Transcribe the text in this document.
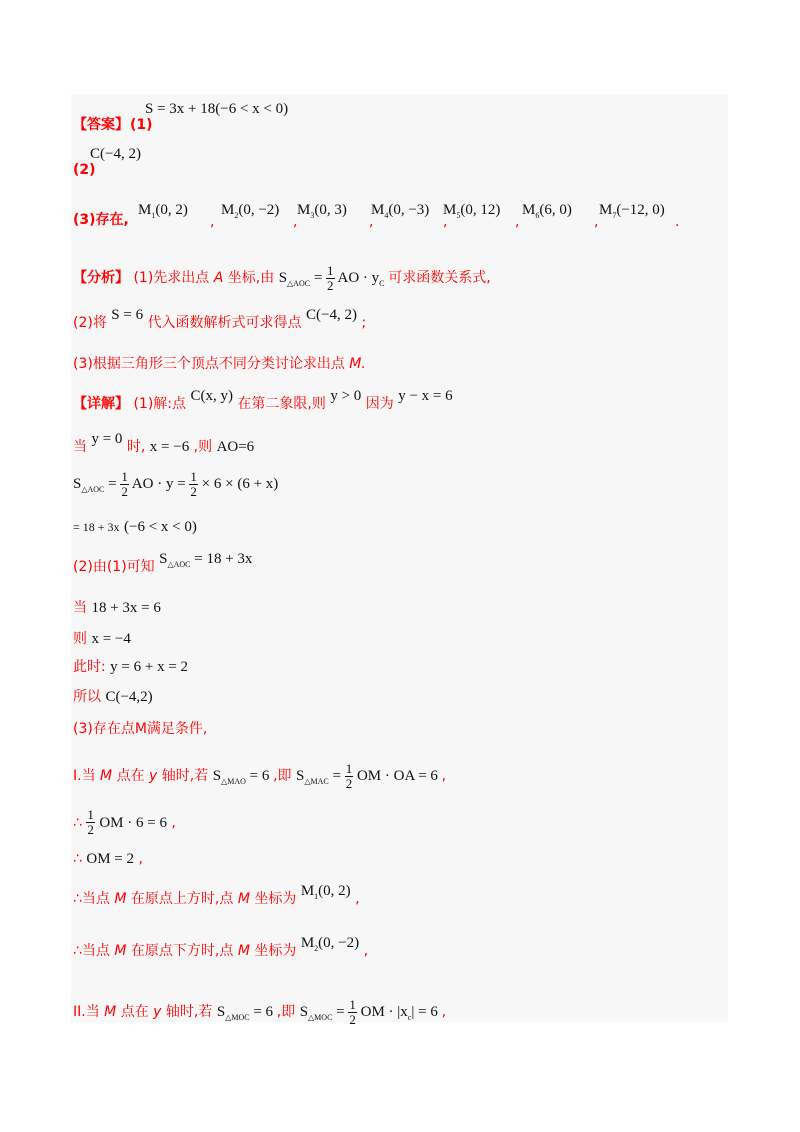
S = 3x + 18(−6 < x < 0)
【答案】 (1)
C(−4, 2)
(2)
(3)存在,
$M_1(0$, 2)
,
$M_2(0$, −2)
,
$M_3(0$, 3)
,
$M_4(0$, −3)
,
$M_5(0$, 12)
,
$M_6(6$, 0)
,
$M_7(-12$, 0)
.
【分析】 (1)先求出点 A 坐标,由 $S_{\triangle AOC} = \frac{1}{2}$ AO · $y_C$ 可求函数关系式,
(2)将 S = 6 代入函数解析式可求得点 C(−4, 2) ;
(3)根据三角形三个顶点不同分类讨论求出点 M.
【详解】 (1)解:点 C(x, y) 在第二象限,则 y > 0 因为 y − x = 6
当 y = 0 时, x = −6 ,则 AO=6
$S_{\triangle AOC} = \frac{1}{2}$ AO · $y = \frac{1}{2} \times 6 \times (6 + x)$
= 18 + 3x (−6 < x < 0)
(2)由(1)可知 $S_{\triangle AOC} = 18 + 3x$
当 18 + 3x = 6
则 x = −4
此时: y = 6 + x = 2
所以 C(−4,2)
(3)存在点M满足条件,
I.当 M 点在 y 轴时,若 $S_{\triangle MAO} = 6$ ,即 $S_{\triangle MAC} = \frac{1}{2}$ OM · OA = 6 ,
∴ $\frac{1}{2}$ OM · 6 = 6 ,
∴ OM = 2 ,
∴当点 M 在原点上方时,点 M 坐标为 $M_1(0$, 2) ,
∴当点 M 在原点下方时,点 M 坐标为 $M_2(0$, −2) ,
II.当 M 点在 y 轴时,若 $S_{\triangle MOC} = 6$ ,即 $S_{\triangle MOC} = \frac{1}{2}$ OM · $|x_c| = 6$ ,
